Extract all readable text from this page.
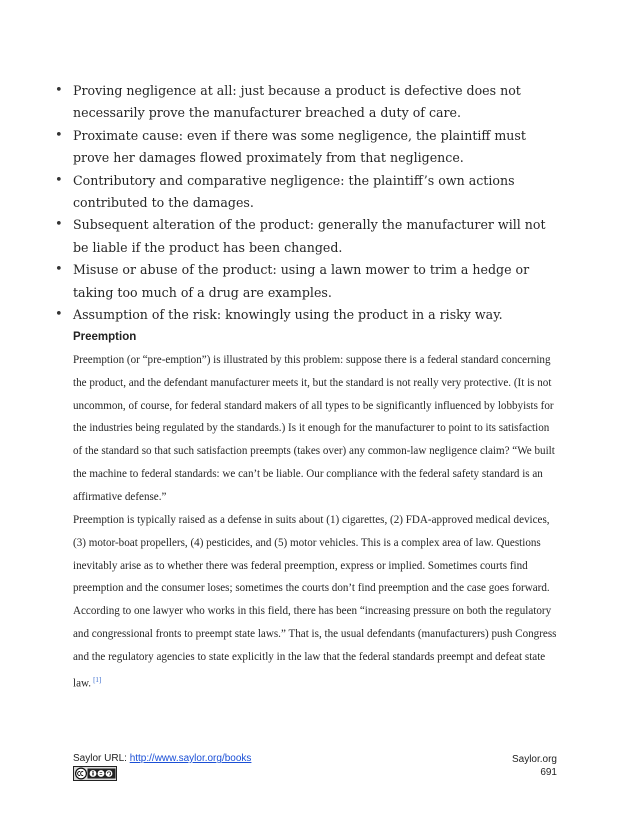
• Proving negligence at all: just because a product is defective does not necessarily prove the manufacturer breached a duty of care.
• Proximate cause: even if there was some negligence, the plaintiff must prove her damages flowed proximately from that negligence.
• Contributory and comparative negligence: the plaintiff’s own actions contributed to the damages.
• Subsequent alteration of the product: generally the manufacturer will not be liable if the product has been changed.
• Misuse or abuse of the product: using a lawn mower to trim a hedge or taking too much of a drug are examples.
• Assumption of the risk: knowingly using the product in a risky way.
Preemption

Preemption (or “pre-emption”) is illustrated by this problem: suppose there is a federal standard concerning the product, and the defendant manufacturer meets it, but the standard is not really very protective. (It is not uncommon, of course, for federal standard makers of all types to be significantly influenced by lobbyists for the industries being regulated by the standards.) Is it enough for the manufacturer to point to its satisfaction of the standard so that such satisfaction preempts (takes over) any common-law negligence claim? “We built the machine to federal standards: we can’t be liable. Our compliance with the federal safety standard is an affirmative defense.”

Preemption is typically raised as a defense in suits about (1) cigarettes, (2) FDA-approved medical devices, (3) motor-boat propellers, (4) pesticides, and (5) motor vehicles. This is a complex area of law. Questions inevitably arise as to whether there was federal preemption, express or implied. Sometimes courts find preemption and the consumer loses; sometimes the courts don’t find preemption and the case goes forward. According to one lawyer who works in this field, there has been “increasing pressure on both the regulatory and congressional fronts to preempt state laws.” That is, the usual defendants (manufacturers) push Congress and the regulatory agencies to state explicitly in the law that the federal standards preempt and defeat state law. [1]

Saylor URL: http://www.saylor.org/books	Saylor.org
691
